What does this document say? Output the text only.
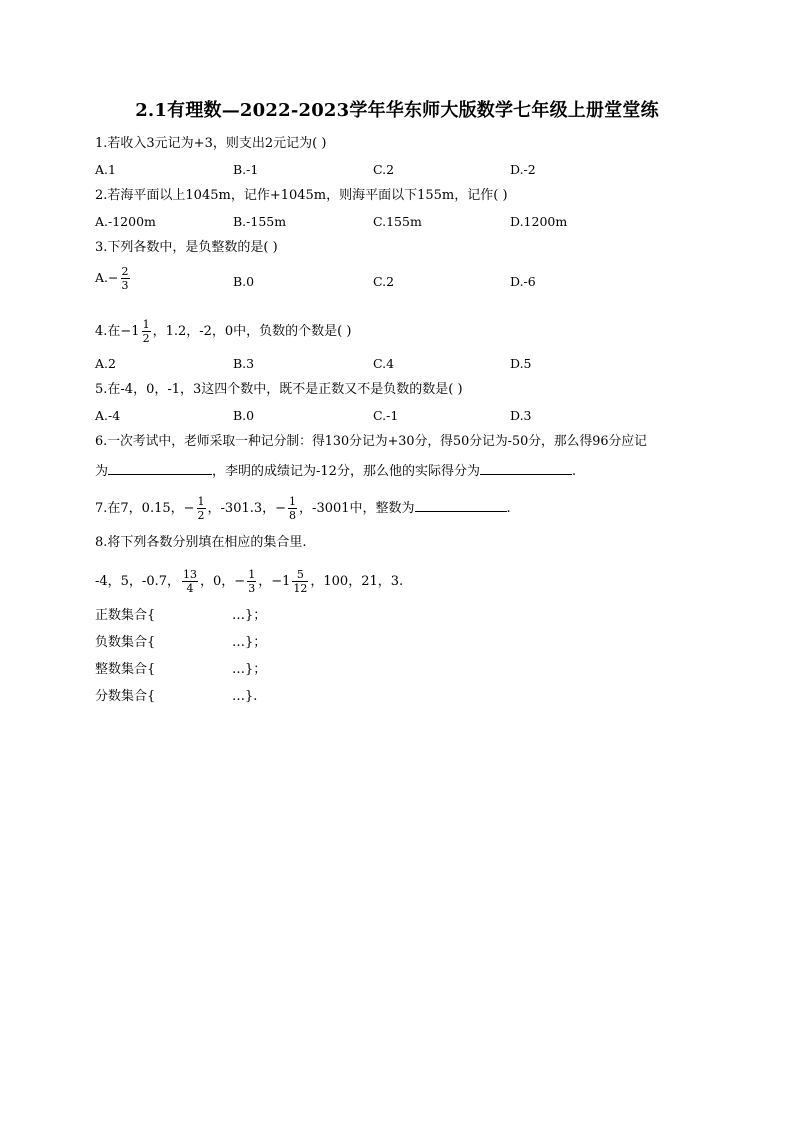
2.1有理数—2022-2023学年华东师大版数学七年级上册堂堂练
1.若收入3元记为+3，则支出2元记为( )
A.1	B.-1	C.2	D.-2
2.若海平面以上1045m，记作+1045m，则海平面以下155m，记作( )
A.-1200m	B.-155m	C.155m	D.1200m
3.下列各数中，是负整数的是( )
$A.- \frac{2}{3}$	B.0	C.2	D.-6
4.在$-1 \frac{1}{2}$ ，1.2，-2，0中，负数的个数是( )
A.2	B.3	C.4	D.5
5.在-4，0，-1，3这四个数中，既不是正数又不是负数的数是( )
A.-4	B.0	C.-1	D.3
6.一次考试中，老师采取一种记分制：得130分记为+30分，得50分记为-50分，那么得96分应记
为	，李明的成绩记为-12分，那么他的实际得分为	.
7.在7，0.15，− $\frac{1}{2}$ ，-301.3，− $\frac{1}{8}$ ，-3001中，整数为	.
8.将下列各数分别填在相应的集合里.
-4，5，-0.7， $\frac{13}{4}$ ，0，− $\frac{1}{3}$ ，$-1 \frac{5}{12}$ ，100，21，3.
正数集合{	…}；
负数集合{	…}；
整数集合{	…}；
分数集合{	…}.
